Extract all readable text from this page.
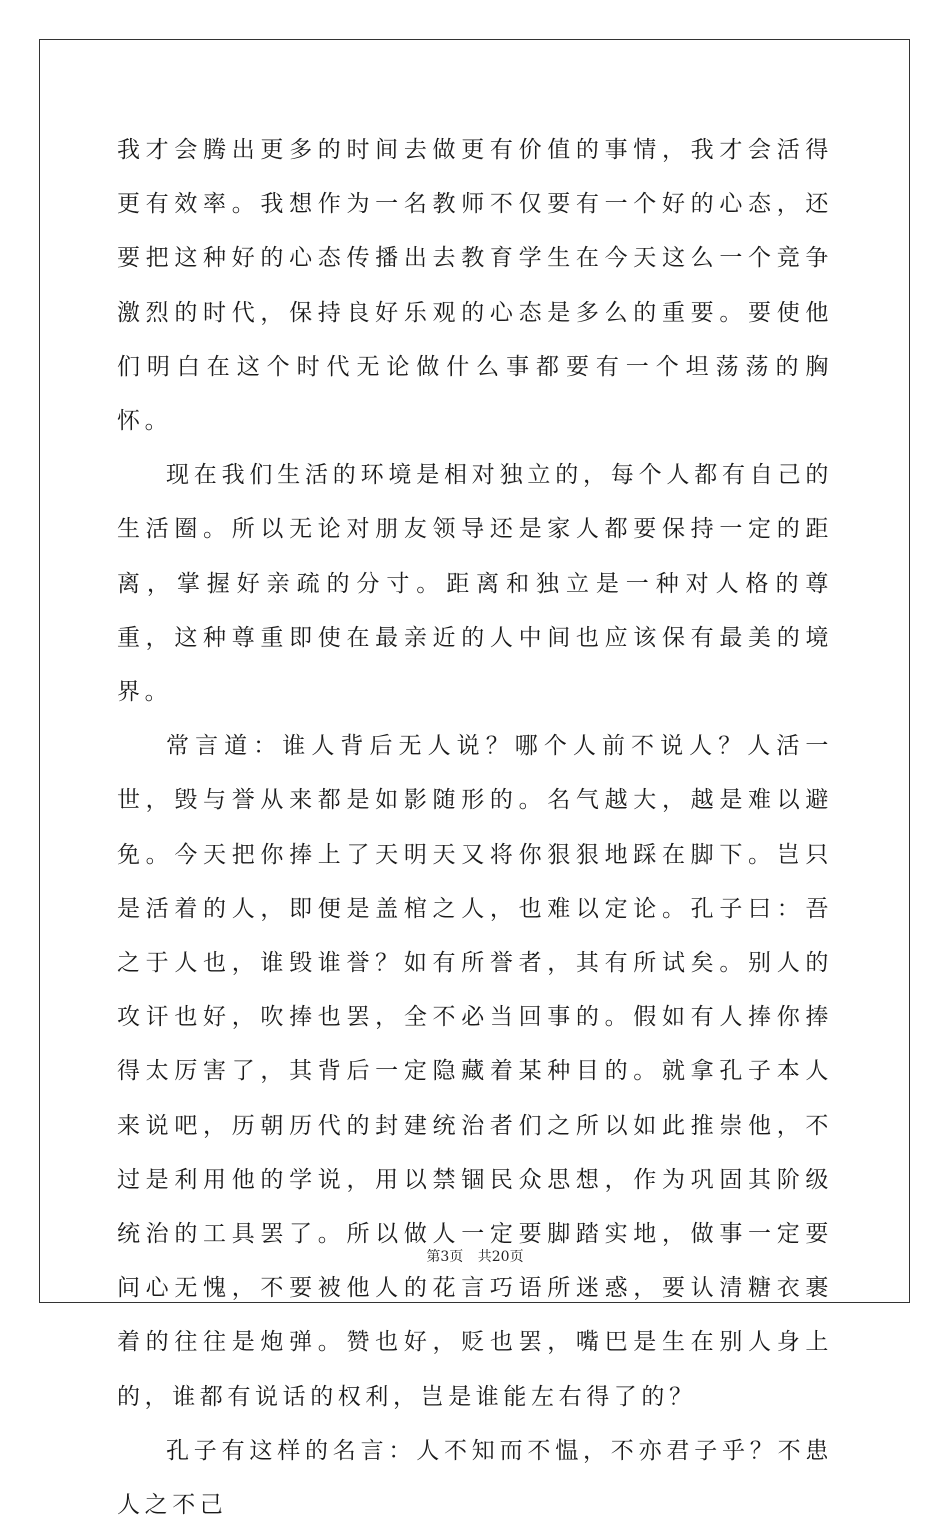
我才会腾出更多的时间去做更有价值的事情，我才会活得更有效率。我想作为一名教师不仅要有一个好的心态，还要把这种好的心态传播出去教育学生在今天这么一个竞争激烈的时代，保持良好乐观的心态是多么的重要。要使他们明白在这个时代无论做什么事都要有一个坦荡荡的胸怀。

现在我们生活的环境是相对独立的，每个人都有自己的生活圈。所以无论对朋友领导还是家人都要保持一定的距离，掌握好亲疏的分寸。距离和独立是一种对人格的尊重，这种尊重即使在最亲近的人中间也应该保有最美的境界。

常言道：谁人背后无人说？哪个人前不说人？人活一世，毁与誉从来都是如影随形的。名气越大，越是难以避免。今天把你捧上了天明天又将你狠狠地踩在脚下。岂只是活着的人，即便是盖棺之人，也难以定论。孔子曰：吾之于人也，谁毁谁誉？如有所誉者，其有所试矣。别人的攻讦也好，吹捧也罢，全不必当回事的。假如有人捧你捧得太厉害了，其背后一定隐藏着某种目的。就拿孔子本人来说吧，历朝历代的封建统治者们之所以如此推崇他，不过是利用他的学说，用以禁锢民众思想，作为巩固其阶级统治的工具罢了。所以做人一定要脚踏实地，做事一定要问心无愧，不要被他人的花言巧语所迷惑，要认清糖衣裹着的往往是炮弹。赞也好，贬也罢，嘴巴是生在别人身上的，谁都有说话的权利，岂是谁能左右得了的？

孔子有这样的名言：人不知而不愠，不亦君子乎？不患人之不己

第3页 共20页
